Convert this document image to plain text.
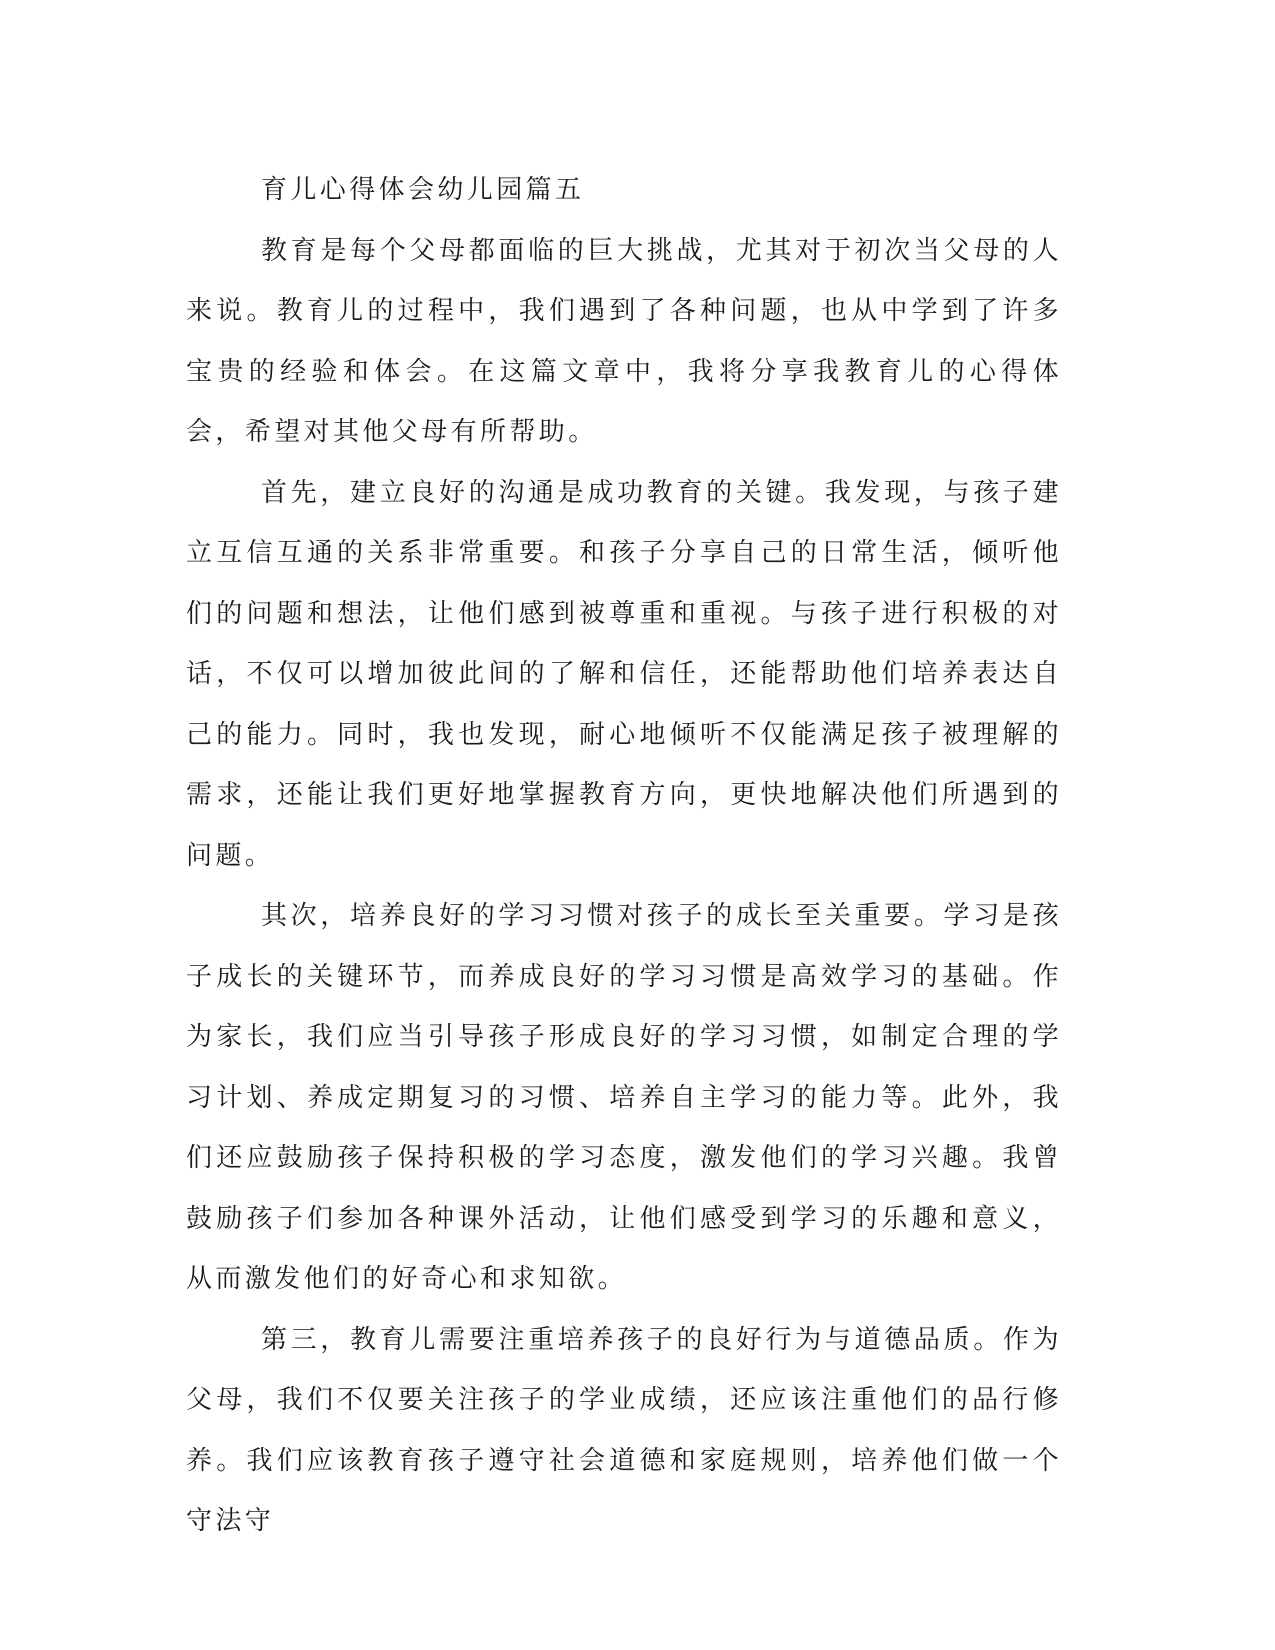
育儿心得体会幼儿园篇五

教育是每个父母都面临的巨大挑战，尤其对于初次当父母的人来说。教育儿的过程中，我们遇到了各种问题，也从中学到了许多宝贵的经验和体会。在这篇文章中，我将分享我教育儿的心得体会，希望对其他父母有所帮助。

首先，建立良好的沟通是成功教育的关键。我发现，与孩子建立互信互通的关系非常重要。和孩子分享自己的日常生活，倾听他们的问题和想法，让他们感到被尊重和重视。与孩子进行积极的对话，不仅可以增加彼此间的了解和信任，还能帮助他们培养表达自己的能力。同时，我也发现，耐心地倾听不仅能满足孩子被理解的需求，还能让我们更好地掌握教育方向，更快地解决他们所遇到的问题。

其次，培养良好的学习习惯对孩子的成长至关重要。学习是孩子成长的关键环节，而养成良好的学习习惯是高效学习的基础。作为家长，我们应当引导孩子形成良好的学习习惯，如制定合理的学习计划、养成定期复习的习惯、培养自主学习的能力等。此外，我们还应鼓励孩子保持积极的学习态度，激发他们的学习兴趣。我曾鼓励孩子们参加各种课外活动，让他们感受到学习的乐趣和意义，从而激发他们的好奇心和求知欲。

第三，教育儿需要注重培养孩子的良好行为与道德品质。作为父母，我们不仅要关注孩子的学业成绩，还应该注重他们的品行修养。我们应该教育孩子遵守社会道德和家庭规则，培养他们做一个守法守
